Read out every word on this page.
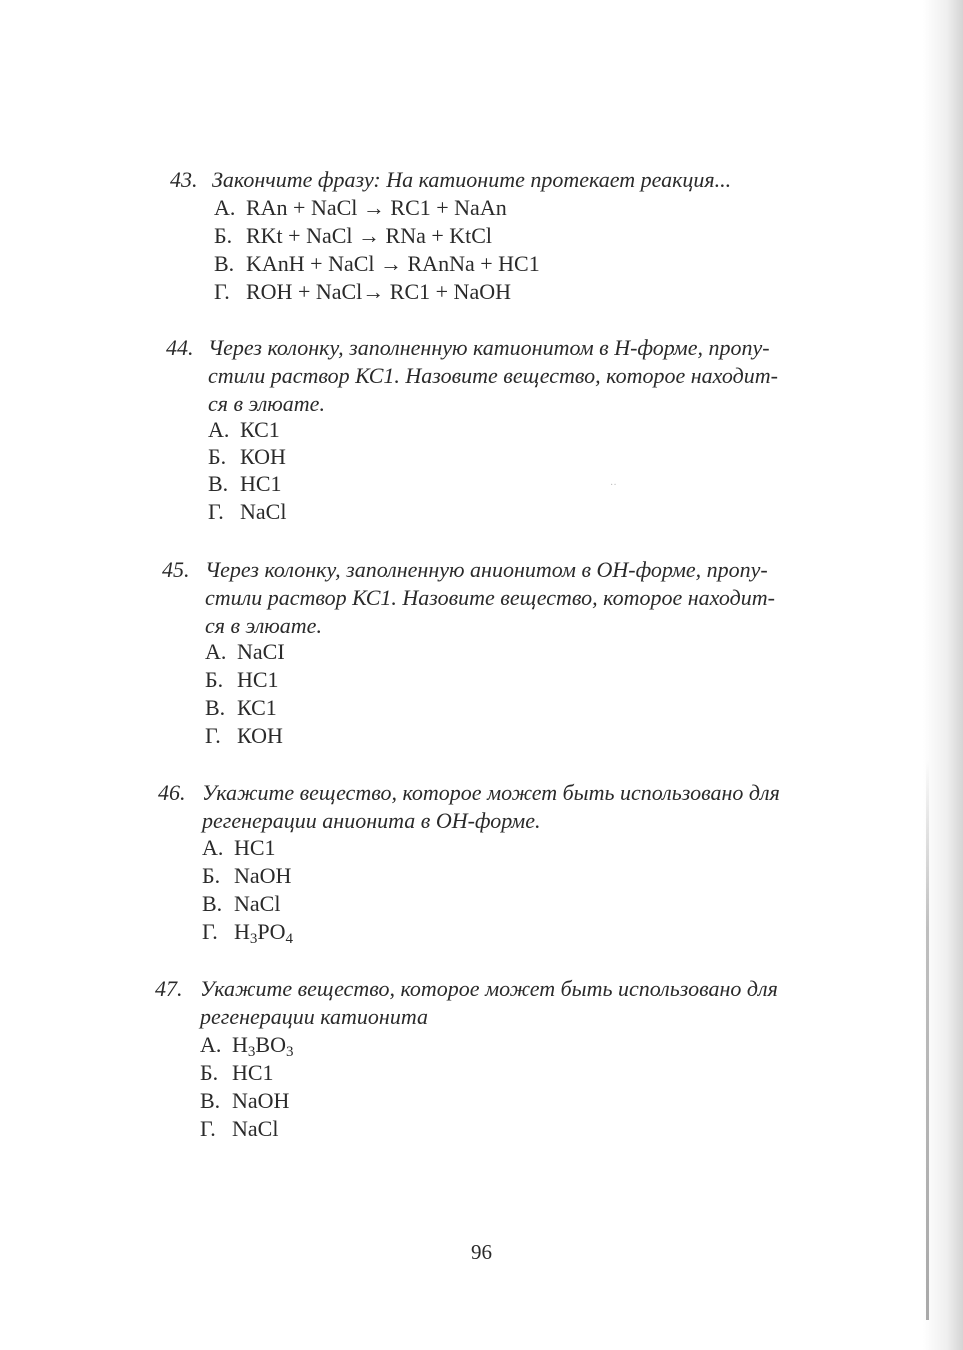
43. Закончите фразу: На катионите протекает реакция...
А. RAn + NaCl → RC1 + NaAn
Б. RKt + NaCl → RNa + KtCl
В. KAnH + NaCl → RAnNa + HC1
Г. ROH + NaCl→ RC1 + NaOH
44. Через колонку, заполненную катионитом в Н-форме, пропу-
стили раствор КС1. Назовите вещество, которое находит-
ся в элюате.
А. КС1
Б. КОН
В. НС1
Г. NaCl
··
45. Через колонку, заполненную анионитом в ОН-форме, пропу-
стили раствор КС1. Назовите вещество, которое находит-
ся в элюате.
А. NaCI
Б. НС1
В. КС1
Г. КОН
46. Укажите вещество, которое может быть использовано для
регенерации анионита в ОН-форме.
А. НС1
Б. NaOH
В. NaCl
Г. $H_3PO_4$
47. Укажите вещество, которое может быть использовано для
регенерации катионита
А. $H_3BO_3$
Б. НС1
В. NaOH
Г. NaCl
96
